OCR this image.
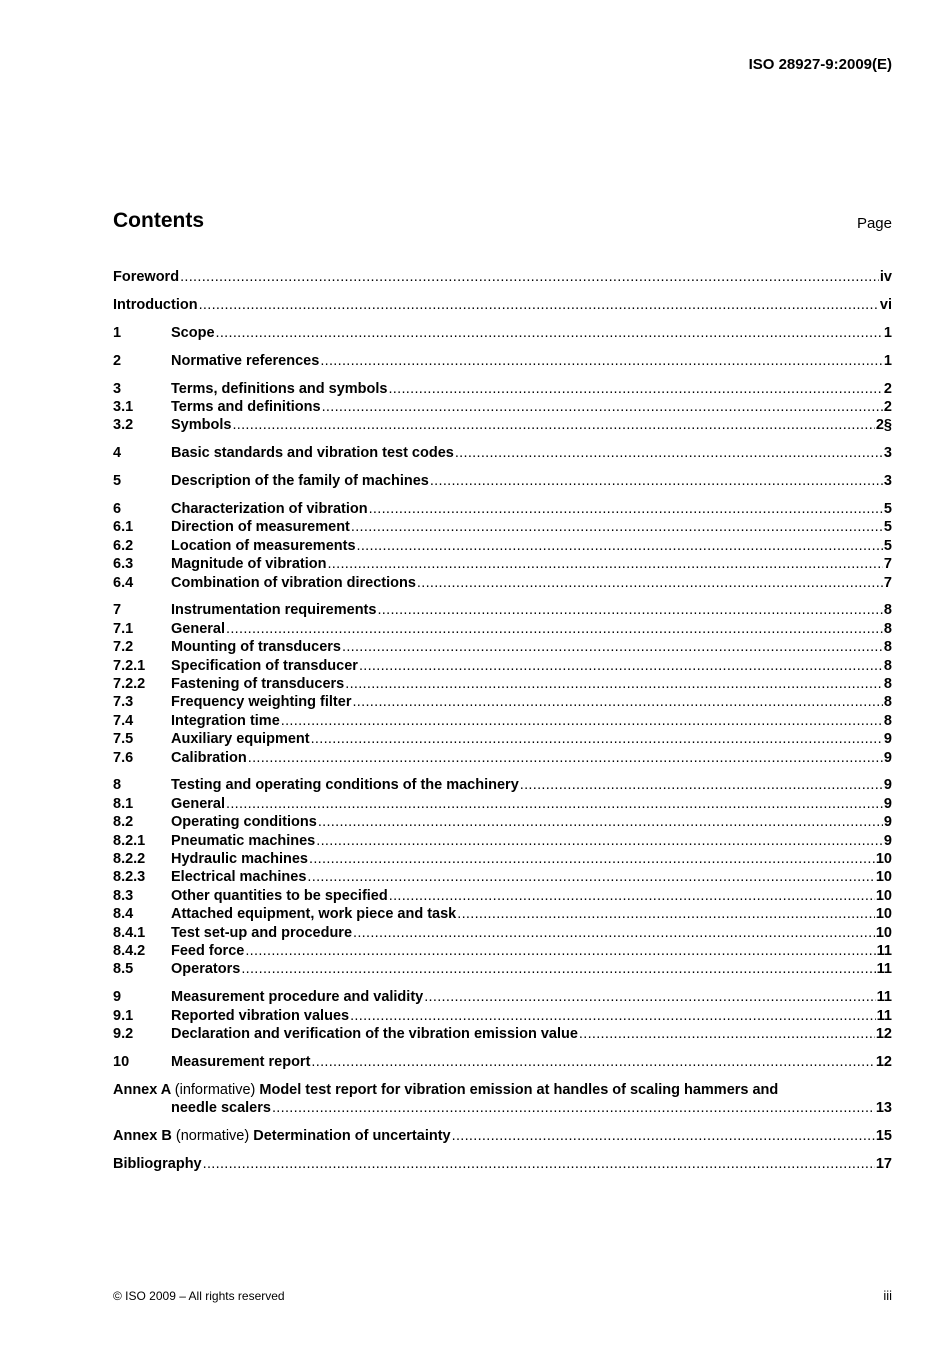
ISO 28927-9:2009(E)
Contents	Page
Foreword .....	iv
Introduction .....	vi
1	Scope .....	1
2	Normative references .....	1
3	Terms, definitions and symbols .....	2
3.1	Terms and definitions .....	2
3.2	Symbols .....	2§
4	Basic standards and vibration test codes .....	3
5	Description of the family of machines .....	3
6	Characterization of vibration .....	5
6.1	Direction of measurement .....	5
6.2	Location of measurements .....	5
6.3	Magnitude of vibration .....	7
6.4	Combination of vibration directions .....	7
7	Instrumentation requirements .....	8
7.1	General .....	8
7.2	Mounting of transducers .....	8
7.2.1	Specification of transducer .....	8
7.2.2	Fastening of transducers .....	8
7.3	Frequency weighting filter .....	8
7.4	Integration time .....	8
7.5	Auxiliary equipment .....	9
7.6	Calibration .....	9
8	Testing and operating conditions of the machinery .....	9
8.1	General .....	9
8.2	Operating conditions .....	9
8.2.1	Pneumatic machines .....	9
8.2.2	Hydraulic machines .....	10
8.2.3	Electrical machines .....	10
8.3	Other quantities to be specified .....	10
8.4	Attached equipment, work piece and task .....	10
8.4.1	Test set-up and procedure .....	10
8.4.2	Feed force .....	11
8.5	Operators .....	11
9	Measurement procedure and validity .....	11
9.1	Reported vibration values .....	11
9.2	Declaration and verification of the vibration emission value .....	12
10	Measurement report .....	12
Annex A (informative) Model test report for vibration emission at handles of scaling hammers and
needle scalers .....	13
Annex B (normative) Determination of uncertainty .....	15
Bibliography .....	17
© ISO 2009 – All rights reserved	iii
